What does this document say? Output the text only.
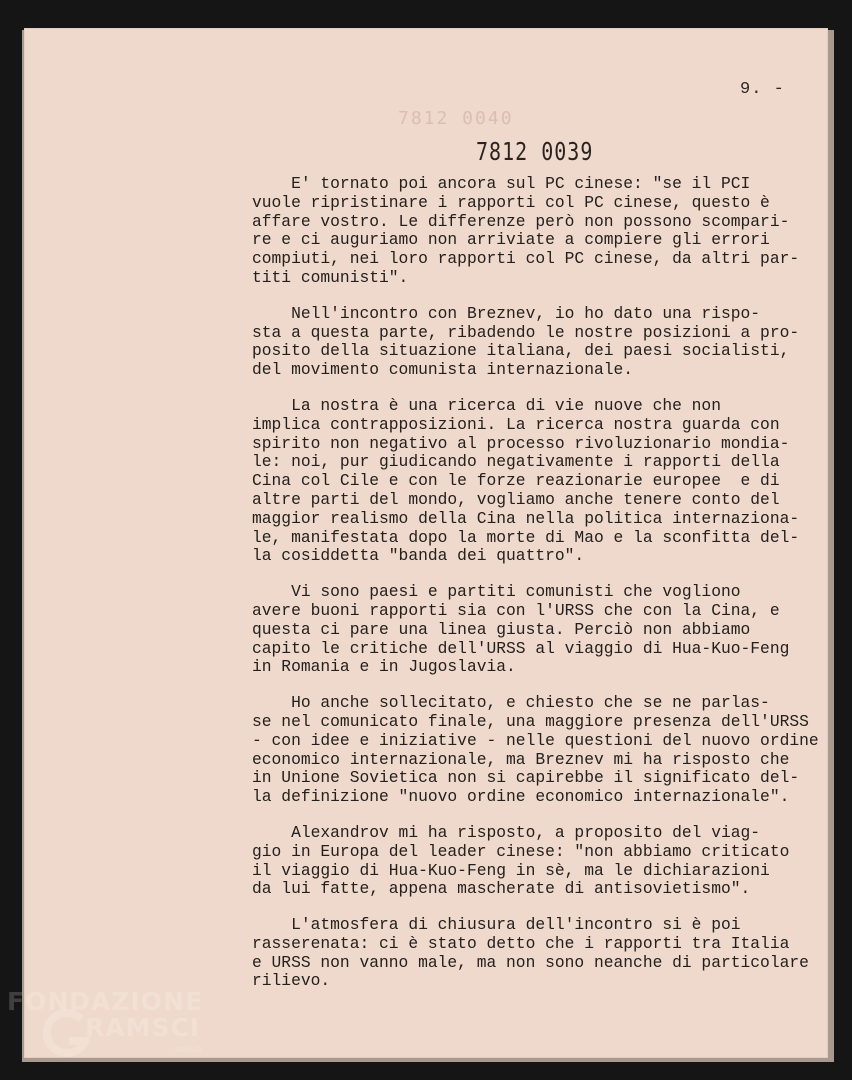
9. -
7812 0040
7812 0039
E' tornato poi ancora sul PC cinese: "se il PCI
vuole ripristinare i rapporti col PC cinese, questo è
affare vostro. Le differenze però non possono scompari-
re e ci auguriamo non arriviate a compiere gli errori
compiuti, nei loro rapporti col PC cinese, da altri par-
titi comunisti".
Nell'incontro con Breznev, io ho dato una rispo-
sta a questa parte, ribadendo le nostre posizioni a pro-
posito della situazione italiana, dei paesi socialisti,
del movimento comunista internazionale.
La nostra è una ricerca di vie nuove che non
implica contrapposizioni. La ricerca nostra guarda con
spirito non negativo al processo rivoluzionario mondia-
le: noi, pur giudicando negativamente i rapporti della
Cina col Cile e con le forze reazionarie europee  e di
altre parti del mondo, vogliamo anche tenere conto del
maggior realismo della Cina nella politica internaziona-
le, manifestata dopo la morte di Mao e la sconfitta del-
la cosiddetta "banda dei quattro".
Vi sono paesi e partiti comunisti che vogliono
avere buoni rapporti sia con l'URSS che con la Cina, e
questa ci pare una linea giusta. Perciò non abbiamo
capito le critiche dell'URSS al viaggio di Hua-Kuo-Feng
in Romania e in Jugoslavia.
Ho anche sollecitato, e chiesto che se ne parlas-
se nel comunicato finale, una maggiore presenza dell'URSS
- con idee e iniziative - nelle questioni del nuovo ordine
economico internazionale, ma Breznev mi ha risposto che
in Unione Sovietica non si capirebbe il significato del-
la definizione "nuovo ordine economico internazionale".
Alexandrov mi ha risposto, a proposito del viag-
gio in Europa del leader cinese: "non abbiamo criticato
il viaggio di Hua-Kuo-Feng in sè, ma le dichiarazioni
da lui fatte, appena mascherate di antisovietismo".
L'atmosfera di chiusura dell'incontro si è poi
rasserenata: ci è stato detto che i rapporti tra Italia
e URSS non vanno male, ma non sono neanche di particolare
rilievo.
FONDAZIONE
RAMSCI
onlus
